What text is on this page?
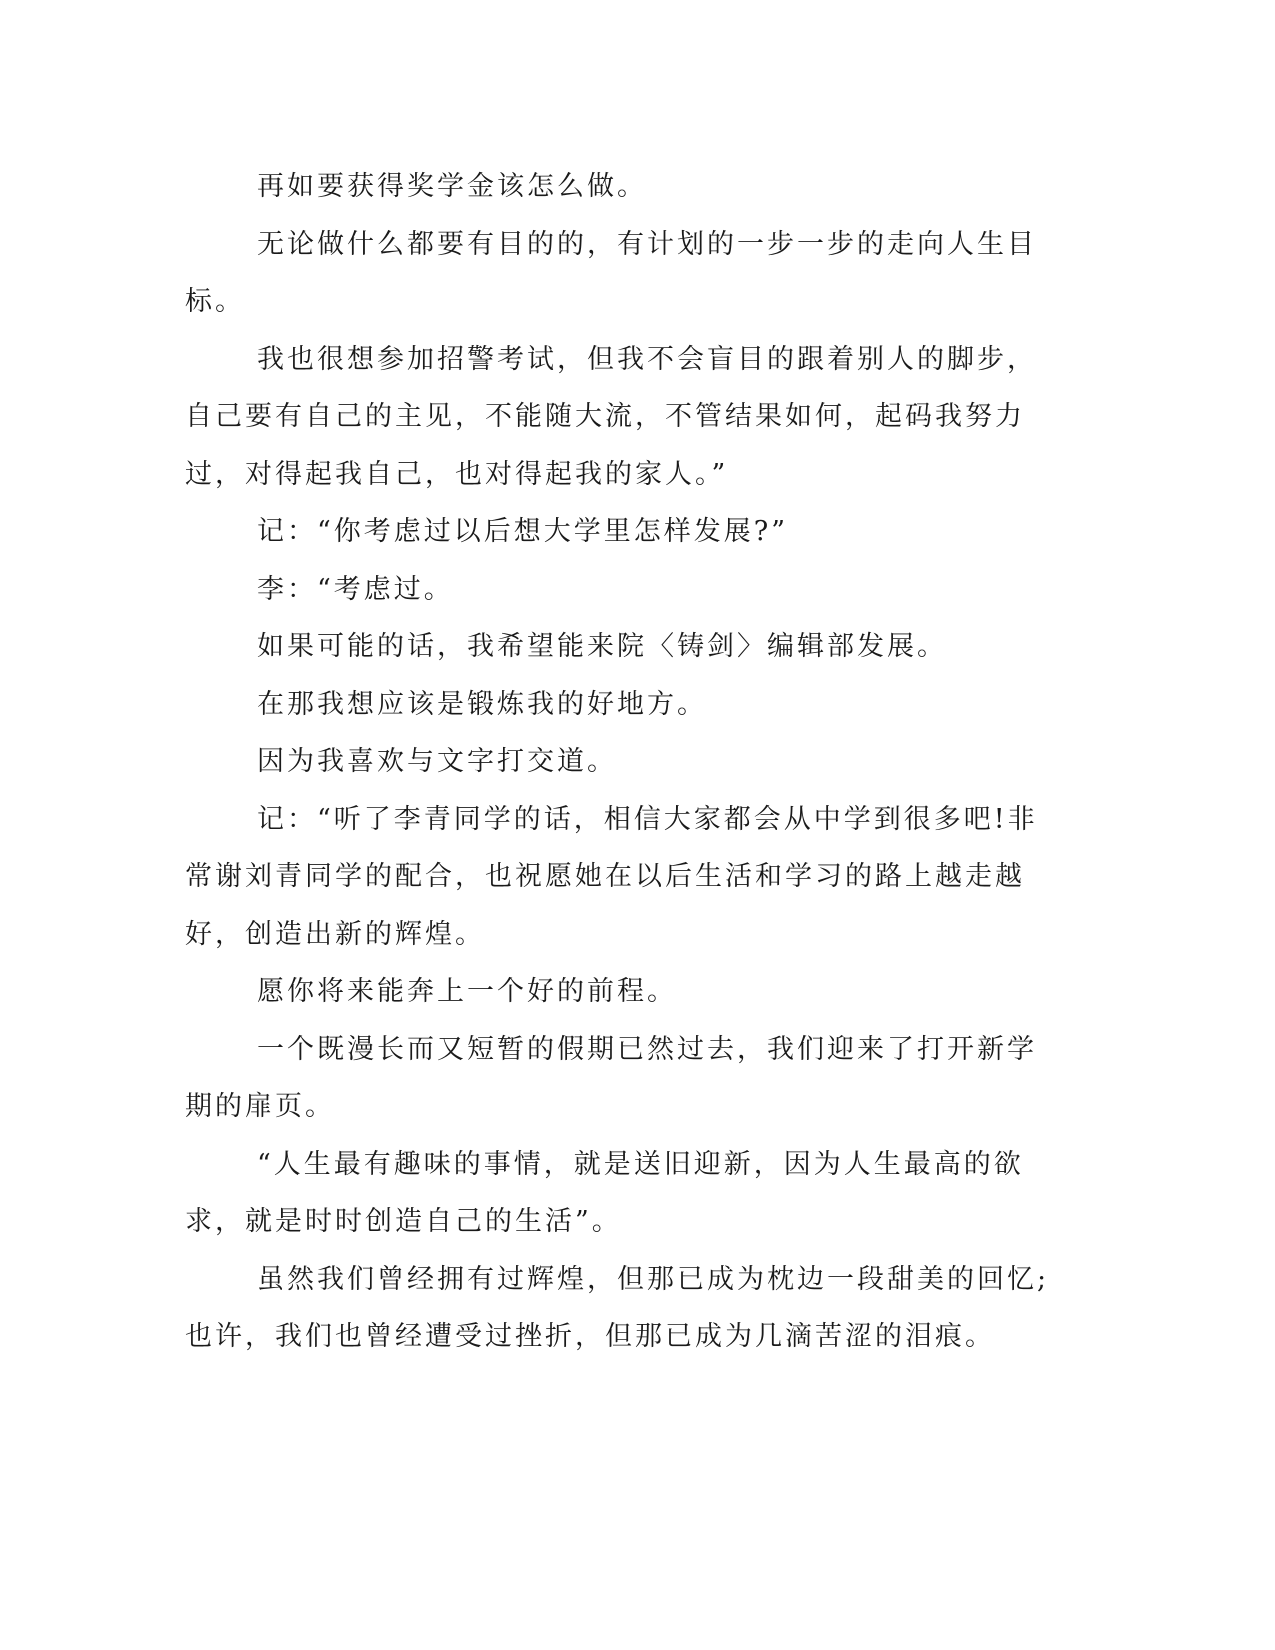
再如要获得奖学金该怎么做。

无论做什么都要有目的的，有计划的一步一步的走向人生目标。

我也很想参加招警考试，但我不会盲目的跟着别人的脚步，自己要有自己的主见，不能随大流，不管结果如何，起码我努力过，对得起我自己，也对得起我的家人。”

记：“你考虑过以后想大学里怎样发展?”

李：“考虑过。

如果可能的话，我希望能来院〈铸剑〉编辑部发展。

在那我想应该是锻炼我的好地方。

因为我喜欢与文字打交道。

记：“听了李青同学的话，相信大家都会从中学到很多吧!非常谢刘青同学的配合，也祝愿她在以后生活和学习的路上越走越好，创造出新的辉煌。

愿你将来能奔上一个好的前程。

一个既漫长而又短暂的假期已然过去，我们迎来了打开新学期的扉页。

“人生最有趣味的事情，就是送旧迎新，因为人生最高的欲求，就是时时创造自己的生活”。

虽然我们曾经拥有过辉煌，但那已成为枕边一段甜美的回忆;也许，我们也曾经遭受过挫折，但那已成为几滴苦涩的泪痕。
